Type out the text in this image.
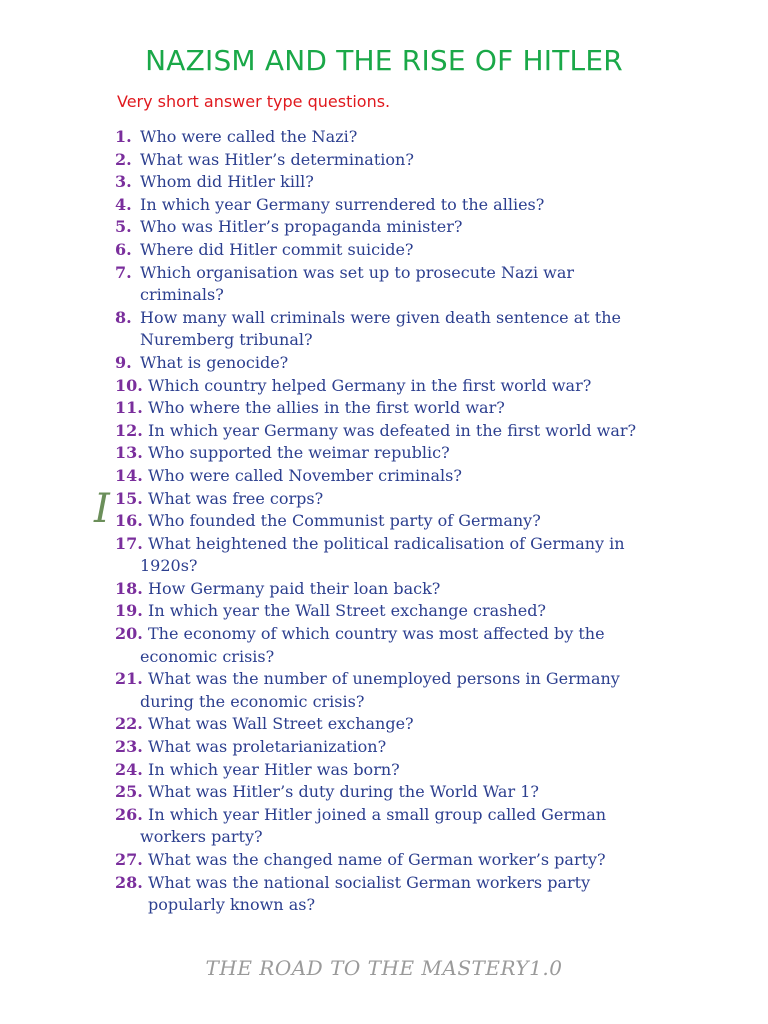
NAZISM AND THE RISE OF HITLER
Very short answer type questions.
I
1. Who were called the Nazi?
2. What was Hitler’s determination?
3. Whom did Hitler kill?
4. In which year Germany surrendered to the allies?
5. Who was Hitler’s propaganda minister?
6. Where did Hitler commit suicide?
7. Which organisation was set up to prosecute Nazi war
criminals?
8. How many wall criminals were given death sentence at the
Nuremberg tribunal?
9. What is genocide?
10. Which country helped Germany in the first world war?
11. Who where the allies in the first world war?
12. In which year Germany was defeated in the first world war?
13. Who supported the weimar republic?
14. Who were called November criminals?
15. What was free corps?
16. Who founded the Communist party of Germany?
17. What heightened the political radicalisation of Germany in
1920s?
18. How Germany paid their loan back?
19. In which year the Wall Street exchange crashed?
20. The economy of which country was most affected by the
economic crisis?
21. What was the number of unemployed persons in Germany
during the economic crisis?
22. What was Wall Street exchange?
23. What was proletarianization?
24. In which year Hitler was born?
25. What was Hitler’s duty during the World War 1?
26. In which year Hitler joined a small group called German
workers party?
27. What was the changed name of German worker’s party?
28. What was the national socialist German workers party
popularly known as?
THE ROAD TO THE MASTERY1.0
